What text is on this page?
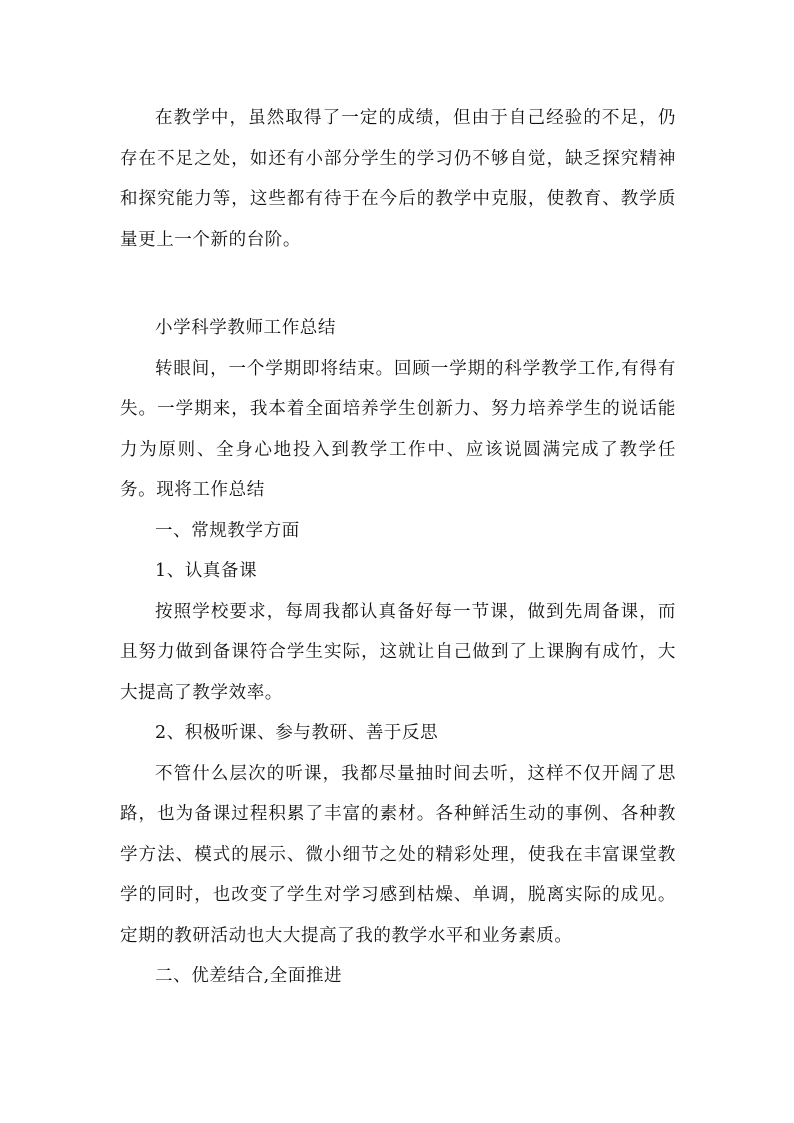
在教学中，虽然取得了一定的成绩，但由于自己经验的不足，仍存在不足之处，如还有小部分学生的学习仍不够自觉，缺乏探究精神和探究能力等，这些都有待于在今后的教学中克服，使教育、教学质量更上一个新的台阶。

小学科学教师工作总结

转眼间，一个学期即将结束。回顾一学期的科学教学工作,有得有失。一学期来，我本着全面培养学生创新力、努力培养学生的说话能力为原则、全身心地投入到教学工作中、应该说圆满完成了教学任务。现将工作总结

一、常规教学方面

1、认真备课

按照学校要求，每周我都认真备好每一节课，做到先周备课，而且努力做到备课符合学生实际，这就让自己做到了上课胸有成竹，大大提高了教学效率。

2、积极听课、参与教研、善于反思

不管什么层次的听课，我都尽量抽时间去听，这样不仅开阔了思路，也为备课过程积累了丰富的素材。各种鲜活生动的事例、各种教学方法、模式的展示、微小细节之处的精彩处理，使我在丰富课堂教学的同时，也改变了学生对学习感到枯燥、单调，脱离实际的成见。定期的教研活动也大大提高了我的教学水平和业务素质。

二、优差结合,全面推进
